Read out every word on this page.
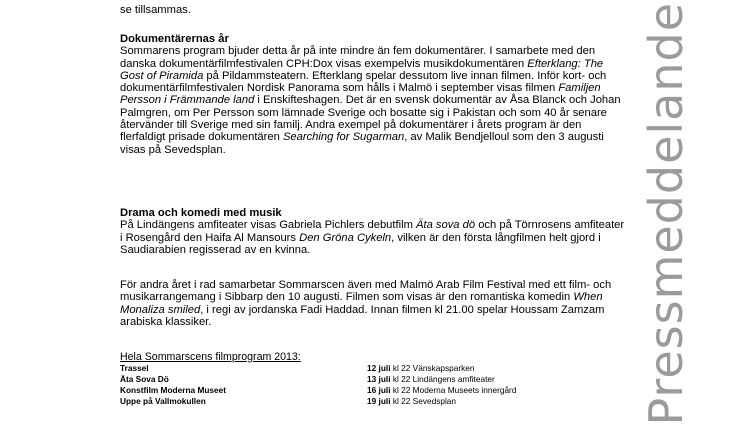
se tillsammas.

Dokumentärernas år

Sommarens program bjuder detta år på inte mindre än fem dokumentärer. I samarbete med den danska dokumentärfilmfestivalen CPH:Dox visas exempelvis musikdokumentären Efterklang: The Gost of Piramida på Pildammsteatern. Efterklang spelar dessutom live innan filmen. Inför kort- och dokumentärfilmfestivalen Nordisk Panorama som hålls i Malmö i september visas filmen Familjen Persson i Främmande land i Enskifteshagen. Det är en svensk dokumentär av Åsa Blanck och Johan Palmgren, om Per Persson som lämnade Sverige och bosatte sig i Pakistan och som 40 år senare återvänder till Sverige med sin familj. Andra exempel på dokumentärer i årets program är den flerfaldigt prisade dokumentären Searching for Sugarman, av Malik Bendjelloul som den 3 augusti visas på Sevedsplan.

Drama och komedi med musik

På Lindängens amfiteater visas Gabriela Pichlers debutfilm Äta sova dö och på Törnrosens amfiteater i Rosengård den Haifa Al Mansours Den Gröna Cykeln, vilken är den första långfilmen helt gjord i Saudiarabien regisserad av en kvinna.

För andra året i rad samarbetar Sommarscen även med Malmö Arab Film Festival med ett film- och musikarrangemang i Sibbarp den 10 augusti. Filmen som visas är den romantiska komedin When Monaliza smiled, i regi av jordanska Fadi Haddad. Innan filmen kl 21.00 spelar Houssam Zamzam arabiska klassiker.

Hela Sommarscens filmprogram 2013:
Trassel	12 juli kl 22 Vänskapsparken
Äta Sova Dö	13 juli kl 22 Lindängens amfiteater
Konstfilm Moderna Museet	16 juli kl 22 Moderna Museets innergård
Uppe på Vallmokullen	19 juli kl 22 Sevedsplan	Pressmeddelande
